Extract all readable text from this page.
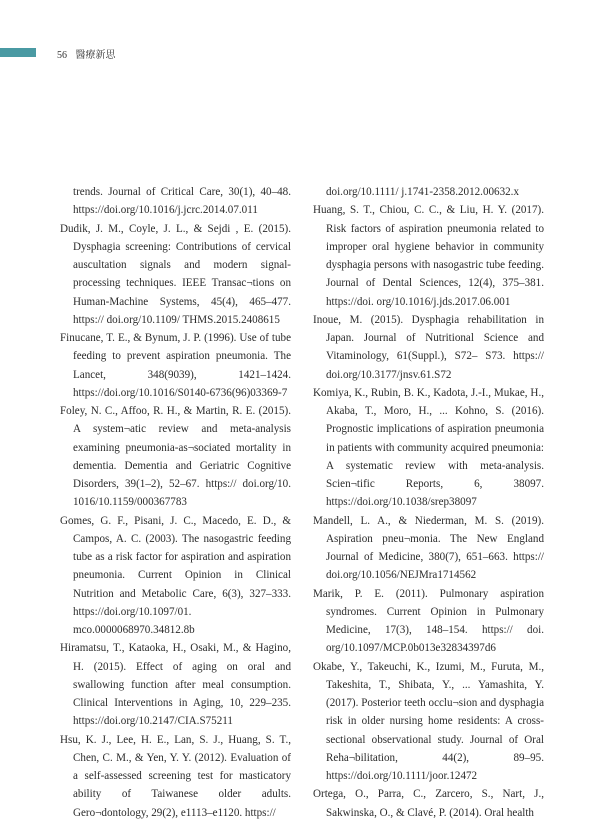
56 醫療新思
trends. Journal of Critical Care, 30(1), 40–48. https://doi.org/10.1016/j.jcrc.2014.07.011
Dudik, J. M., Coyle, J. L., & Sejdi , E. (2015). Dysphagia screening: Contributions of cervical auscultation signals and modern signal-processing techniques. IEEE Transac¬tions on Human-Machine Systems, 45(4), 465–477. https:// doi.org/10.1109/ THMS.2015.2408615
Finucane, T. E., & Bynum, J. P. (1996). Use of tube feeding to prevent aspiration pneumonia. The Lancet, 348(9039), 1421–1424. https://doi.org/10.1016/S0140-6736(96)03369-7
Foley, N. C., Affoo, R. H., & Martin, R. E. (2015). A system¬atic review and meta-analysis examining pneumonia-as¬sociated mortality in dementia. Dementia and Geriatric Cognitive Disorders, 39(1–2), 52–67. https:// doi.org/10. 1016/10.1159/000367783
Gomes, G. F., Pisani, J. C., Macedo, E. D., & Campos, A. C. (2003). The nasogastric feeding tube as a risk factor for aspiration and aspiration pneumonia. Current Opinion in Clinical Nutrition and Metabolic Care, 6(3), 327–333. https://doi.org/10.1097/01. mco.0000068970.34812.8b
Hiramatsu, T., Kataoka, H., Osaki, M., & Hagino, H. (2015). Effect of aging on oral and swallowing function after meal consumption. Clinical Interventions in Aging, 10, 229–235. https://doi.org/10.2147/CIA.S75211
Hsu, K. J., Lee, H. E., Lan, S. J., Huang, S. T., Chen, C. M., & Yen, Y. Y. (2012). Evaluation of a self-assessed screening test for masticatory ability of Taiwanese older adults. Gero¬dontology, 29(2), e1113–e1120. https://
doi.org/10.1111/ j.1741-2358.2012.00632.x
Huang, S. T., Chiou, C. C., & Liu, H. Y. (2017). Risk factors of aspiration pneumonia related to improper oral hygiene behavior in community dysphagia persons with nasogastric tube feeding. Journal of Dental Sciences, 12(4), 375–381. https://doi. org/10.1016/j.jds.2017.06.001
Inoue, M. (2015). Dysphagia rehabilitation in Japan. Journal of Nutritional Science and Vitaminology, 61(Suppl.), S72– S73. https:// doi.org/10.3177/jnsv.61.S72
Komiya, K., Rubin, B. K., Kadota, J.-I., Mukae, H., Akaba, T., Moro, H., ... Kohno, S. (2016). Prognostic implications of aspiration pneumonia in patients with community acquired pneumonia: A systematic review with meta-analysis. Scien¬tific Reports, 6, 38097. https://doi.org/10.1038/srep38097
Mandell, L. A., & Niederman, M. S. (2019). Aspiration pneu¬monia. The New England Journal of Medicine, 380(7), 651–663. https:// doi.org/10.1056/NEJMra1714562
Marik, P. E. (2011). Pulmonary aspiration syndromes. Current Opinion in Pulmonary Medicine, 17(3), 148–154. https:// doi. org/10.1097/MCP.0b013e32834397d6
Okabe, Y., Takeuchi, K., Izumi, M., Furuta, M., Takeshita, T., Shibata, Y., ... Yamashita, Y. (2017). Posterior teeth occlu¬sion and dysphagia risk in older nursing home residents: A cross-sectional observational study. Journal of Oral Reha¬bilitation, 44(2), 89–95. https://doi.org/10.1111/joor.12472
Ortega, O., Parra, C., Zarcero, S., Nart, J., Sakwinska, O., & Clavé, P. (2014). Oral health
